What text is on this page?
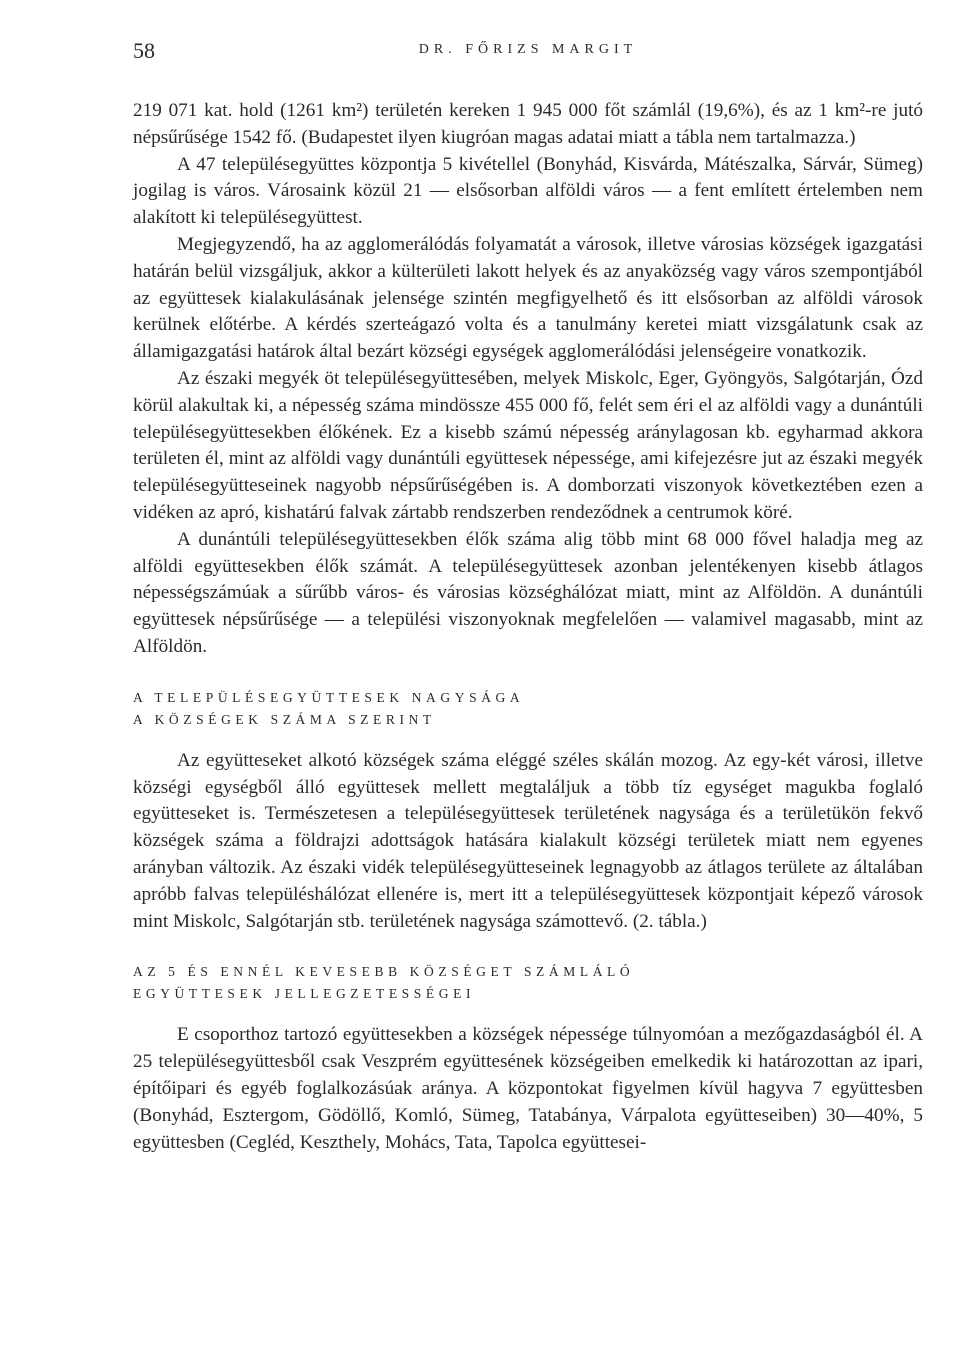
58	DR. FŐRIZS MARGIT

219 071 kat. hold (1261 km²) területén kereken 1 945 000 főt számlál (19,6%), és az 1 km²-re jutó népsűrűsége 1542 fő. (Budapestet ilyen kiugróan magas adatai miatt a tábla nem tartalmazza.)

A 47 településegyüttes központja 5 kivétellel (Bonyhád, Kisvárda, Mátészalka, Sárvár, Sümeg) jogilag is város. Városaink közül 21 — elsősorban alföldi város — a fent említett értelemben nem alakított ki településegyüttest.

Megjegyzendő, ha az agglomerálódás folyamatát a városok, illetve városias községek igazgatási határán belül vizsgáljuk, akkor a külterületi lakott helyek és az anyaközség vagy város szempontjából az együttesek kialakulásának jelensége szintén megfigyelhető és itt elsősorban az alföldi városok kerülnek előtérbe. A kérdés szerteágazó volta és a tanulmány keretei miatt vizsgálatunk csak az államigazgatási határok által bezárt községi egységek agglomerálódási jelenségeire vonatkozik.

Az északi megyék öt településegyüttesében, melyek Miskolc, Eger, Gyöngyös, Salgótarján, Ózd körül alakultak ki, a népesség száma mindössze 455 000 fő, felét sem éri el az alföldi vagy a dunántúli településegyüttesekben élőkének. Ez a kisebb számú népesség aránylagosan kb. egyharmad akkora területen él, mint az alföldi vagy dunántúli együttesek népessége, ami kifejezésre jut az északi megyék településegyütteseinek nagyobb népsűrűségében is. A domborzati viszonyok következtében ezen a vidéken az apró, kishatárú falvak zártabb rendszerben rendeződnek a centrumok köré.

A dunántúli településegyüttesekben élők száma alig több mint 68 000 fővel haladja meg az alföldi együttesekben élők számát. A településegyüttesek azonban jelentékenyen kisebb átlagos népességszámúak a sűrűbb város- és városias községhálózat miatt, mint az Alföldön. A dunántúli együttesek népsűrűsége — a települési viszonyoknak megfelelően — valamivel magasabb, mint az Alföldön.

A TELEPÜLÉSEGYÜTTESEK NAGYSÁGA
A KÖZSÉGEK SZÁMA SZERINT

Az együtteseket alkotó községek száma eléggé széles skálán mozog. Az egy-két városi, illetve községi egységből álló együttesek mellett megtaláljuk a több tíz egységet magukba foglaló együtteseket is. Természetesen a településegyüttesek területének nagysága és a területükön fekvő községek száma a földrajzi adottságok hatására kialakult községi területek miatt nem egyenes arányban változik. Az északi vidék településegyütteseinek legnagyobb az átlagos területe az általában apróbb falvas településhálózat ellenére is, mert itt a településegyüttesek központjait képező városok mint Miskolc, Salgótarján stb. területének nagysága számottevő. (2. tábla.)

AZ 5 ÉS ENNÉL KEVESEBB KÖZSÉGET SZÁMLÁLÓ
EGYÜTTESEK JELLEGZETESSÉGEI

E csoporthoz tartozó együttesekben a községek népessége túlnyomóan a mezőgazdaságból él. A 25 településegyüttesből csak Veszprém együttesének községeiben emelkedik ki határozottan az ipari, építőipari és egyéb foglalkozásúak aránya. A központokat figyelmen kívül hagyva 7 együttesben (Bonyhád, Esztergom, Gödöllő, Komló, Sümeg, Tatabánya, Várpalota együtteseiben) 30—40%, 5 együttesben (Cegléd, Keszthely, Mohács, Tata, Tapolca együttesei-
